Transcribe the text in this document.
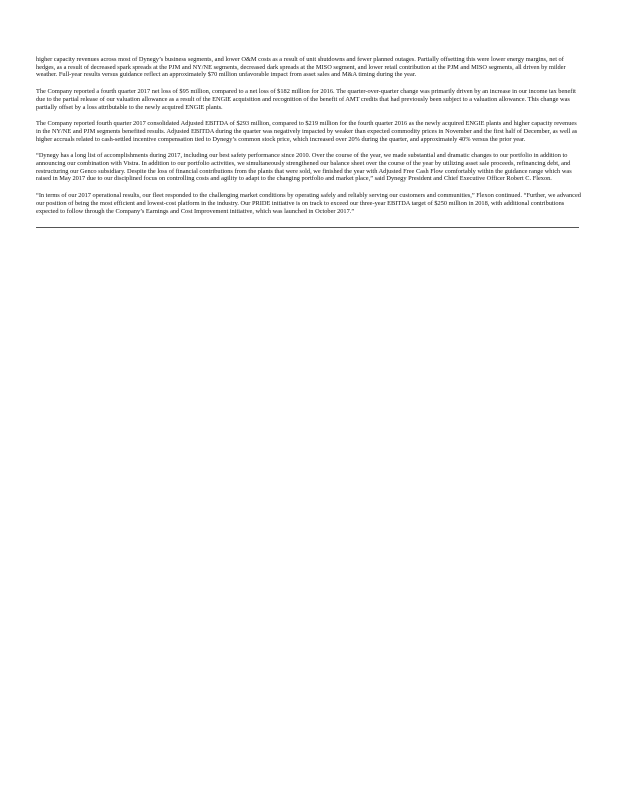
higher capacity revenues across most of Dynegy’s business segments, and lower O&M costs as a result of unit shutdowns and fewer planned outages. Partially offsetting this were lower energy margins, net of hedges, as a result of decreased spark spreads at the PJM and NY/NE segments, decreased dark spreads at the MISO segment, and lower retail contribution at the PJM and MISO segments, all driven by milder weather. Full-year results versus guidance reflect an approximately $70 million unfavorable impact from asset sales and M&A timing during the year.

The Company reported a fourth quarter 2017 net loss of $95 million, compared to a net loss of $182 million for 2016. The quarter-over-quarter change was primarily driven by an increase in our income tax benefit due to the partial release of our valuation allowance as a result of the ENGIE acquisition and recognition of the benefit of AMT credits that had previously been subject to a valuation allowance. This change was partially offset by a loss attributable to the newly acquired ENGIE plants.

The Company reported fourth quarter 2017 consolidated Adjusted EBITDA of $293 million, compared to $219 million for the fourth quarter 2016 as the newly acquired ENGIE plants and higher capacity revenues in the NY/NE and PJM segments benefited results. Adjusted EBITDA during the quarter was negatively impacted by weaker than expected commodity prices in November and the first half of December, as well as higher accruals related to cash-settled incentive compensation tied to Dynegy’s common stock price, which increased over 20% during the quarter, and approximately 40% versus the prior year.

“Dynegy has a long list of accomplishments during 2017, including our best safety performance since 2010. Over the course of the year, we made substantial and dramatic changes to our portfolio in addition to announcing our combination with Vistra. In addition to our portfolio activities, we simultaneously strengthened our balance sheet over the course of the year by utilizing asset sale proceeds, refinancing debt, and restructuring our Genco subsidiary. Despite the loss of financial contributions from the plants that were sold, we finished the year with Adjusted Free Cash Flow comfortably within the guidance range which was raised in May 2017 due to our disciplined focus on controlling costs and agility to adapt to the changing portfolio and market place,” said Dynegy President and Chief Executive Officer Robert C. Flexon.

“In terms of our 2017 operational results, our fleet responded to the challenging market conditions by operating safely and reliably serving our customers and communities,” Flexon continued. “Further, we advanced our position of being the most efficient and lowest-cost platform in the industry. Our PRIDE initiative is on track to exceed our three-year EBITDA target of $250 million in 2018, with additional contributions expected to follow through the Company’s Earnings and Cost Improvement initiative, which was launched in October 2017.”
